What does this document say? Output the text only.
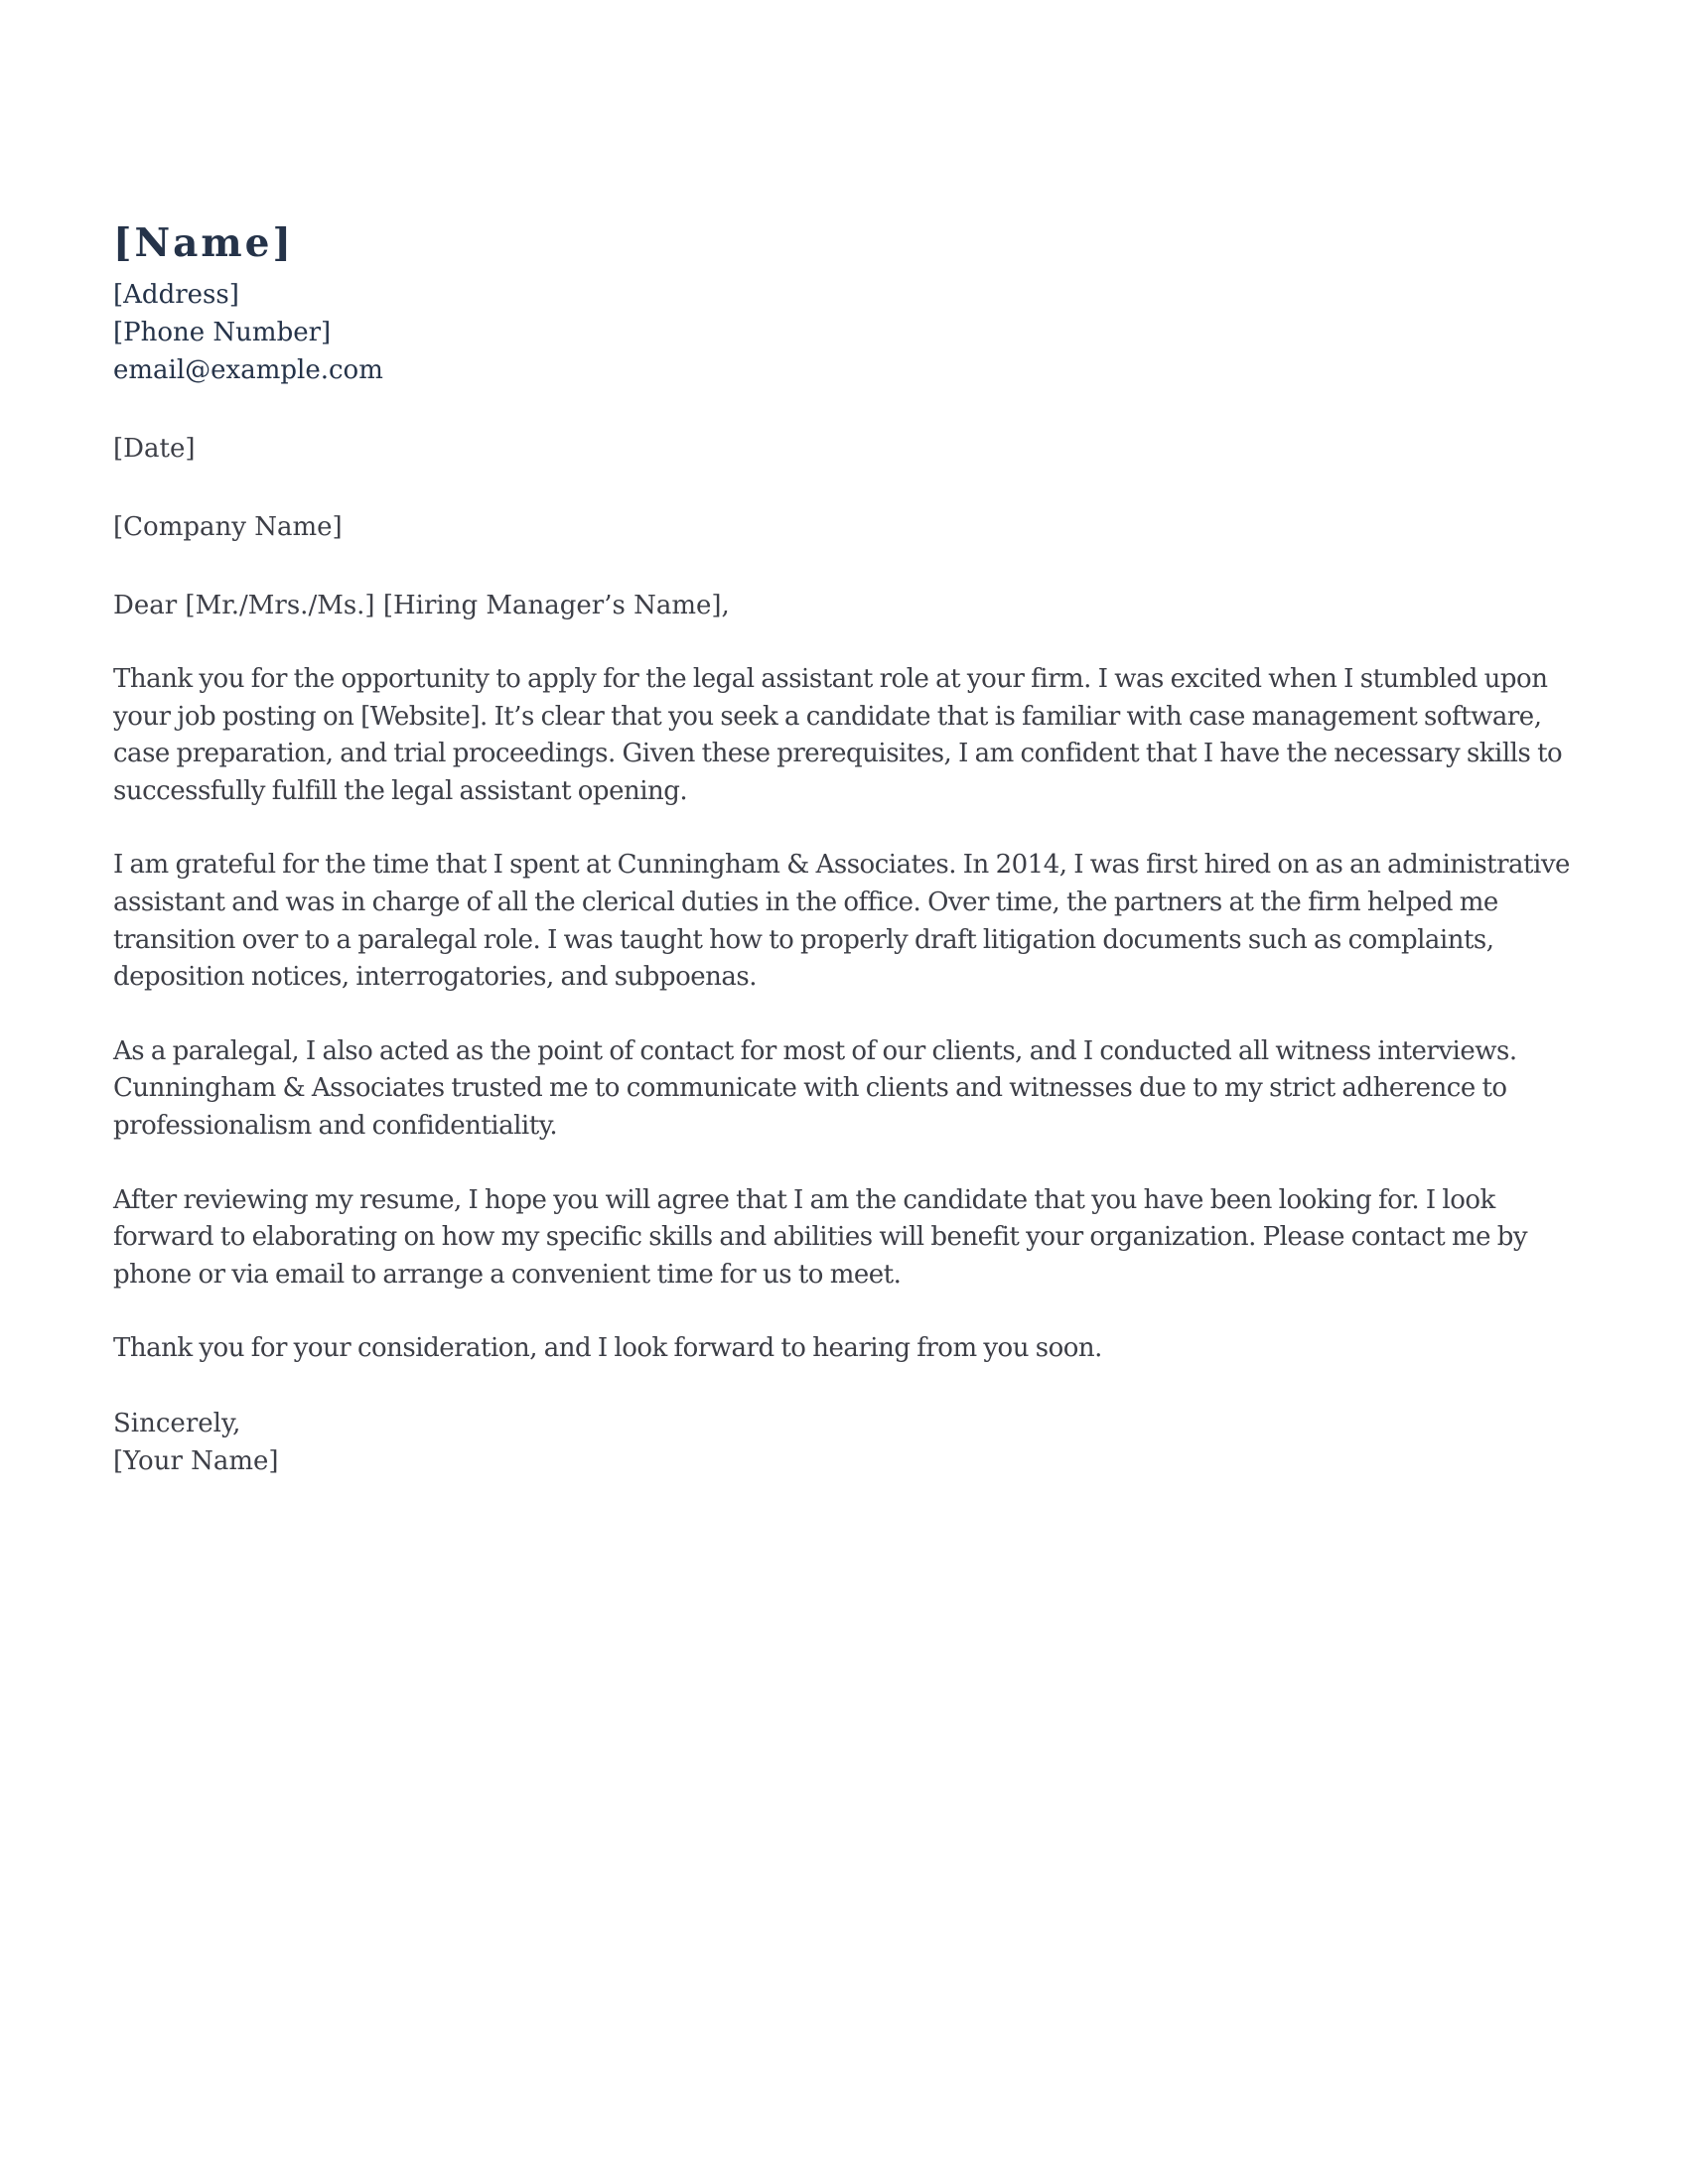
[Name]
[Address]
[Phone Number]
email@example.com
[Date]
[Company Name]
Dear [Mr./Mrs./Ms.] [Hiring Manager’s Name],

Thank you for the opportunity to apply for the legal assistant role at your firm. I was excited when I stumbled upon your job posting on [Website]. It’s clear that you seek a candidate that is familiar with case management software, case preparation, and trial proceedings. Given these prerequisites, I am confident that I have the necessary skills to successfully fulfill the legal assistant opening.

I am grateful for the time that I spent at Cunningham & Associates. In 2014, I was first hired on as an administrative assistant and was in charge of all the clerical duties in the office. Over time, the partners at the firm helped me transition over to a paralegal role. I was taught how to properly draft litigation documents such as complaints, deposition notices, interrogatories, and subpoenas.

As a paralegal, I also acted as the point of contact for most of our clients, and I conducted all witness interviews. Cunningham & Associates trusted me to communicate with clients and witnesses due to my strict adherence to professionalism and confidentiality.

After reviewing my resume, I hope you will agree that I am the candidate that you have been looking for. I look forward to elaborating on how my specific skills and abilities will benefit your organization. Please contact me by phone or via email to arrange a convenient time for us to meet.

Thank you for your consideration, and I look forward to hearing from you soon.

Sincerely,
[Your Name]
